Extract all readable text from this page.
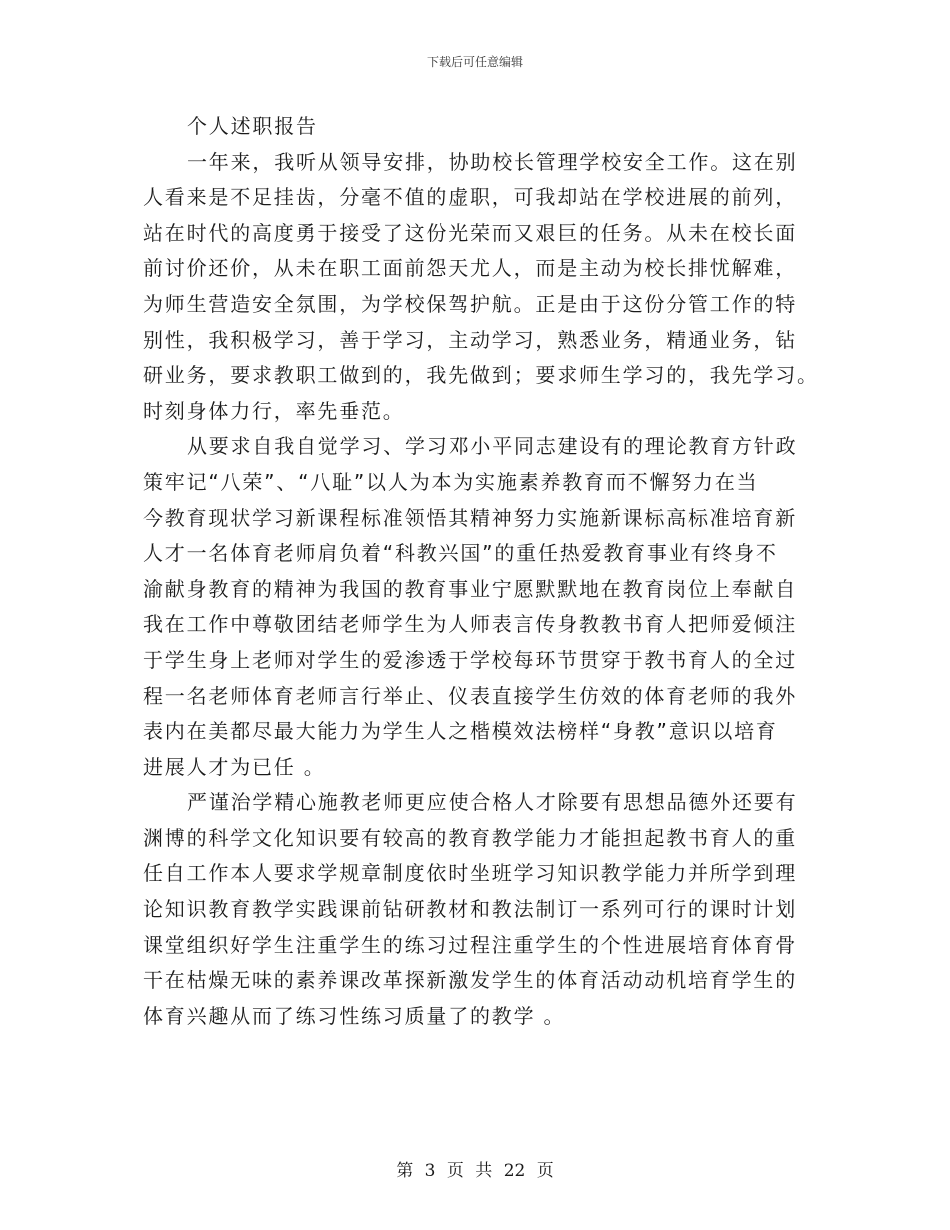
下载后可任意编辑
个人述职报告
一年来，我听从领导安排，协助校长管理学校安全工作。这在别
人看来是不足挂齿，分毫不值的虚职，可我却站在学校进展的前列，
站在时代的高度勇于接受了这份光荣而又艰巨的任务。从未在校长面
前讨价还价，从未在职工面前怨天尤人，而是主动为校长排忧解难，
为师生营造安全氛围，为学校保驾护航。正是由于这份分管工作的特
别性，我积极学习，善于学习，主动学习，熟悉业务，精通业务，钻
研业务，要求教职工做到的，我先做到；要求师生学习的，我先学习。
时刻身体力行，率先垂范。
从要求自我自觉学习、学习邓小平同志建设有的理论教育方针政
策牢记“八荣”、“八耻”以人为本为实施素养教育而不懈努力在当
今教育现状学习新课程标准领悟其精神努力实施新课标高标准培育新
人才一名体育老师肩负着“科教兴国”的重任热爱教育事业有终身不
渝献身教育的精神为我国的教育事业宁愿默默地在教育岗位上奉献自
我在工作中尊敬团结老师学生为人师表言传身教教书育人把师爱倾注
于学生身上老师对学生的爱渗透于学校每环节贯穿于教书育人的全过
程一名老师体育老师言行举止、仪表直接学生仿效的体育老师的我外
表内在美都尽最大能力为学生人之楷模效法榜样“身教”意识以培育
进展人才为已任 。
严谨治学精心施教老师更应使合格人才除要有思想品德外还要有
渊博的科学文化知识要有较高的教育教学能力才能担起教书育人的重
任自工作本人要求学规章制度依时坐班学习知识教学能力并所学到理
论知识教育教学实践课前钻研教材和教法制订一系列可行的课时计划
课堂组织好学生注重学生的练习过程注重学生的个性进展培育体育骨
干在枯燥无味的素养课改革探新激发学生的体育活动动机培育学生的
体育兴趣从而了练习性练习质量了的教学 。
第 3 页 共 22 页
